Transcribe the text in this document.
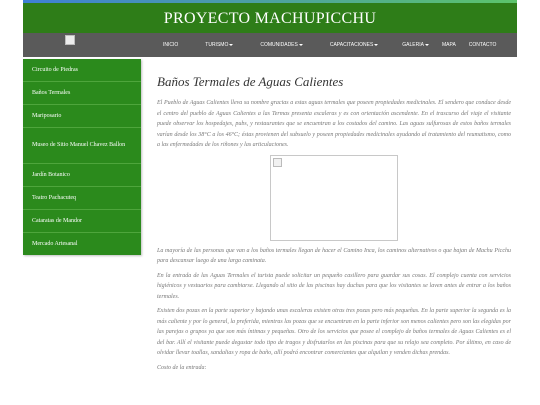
PROYECTO MACHUPICCHU
INICIO	TURISMO	COMUNIDADES	CAPACITACIONES	GALERIA	MAPA	CONTACTO
Circuito de Piedras
Baños Termales
Mariposario
Museo de Sitio Manuel Chavez Ballon
Jardín Botanico
Teatro Pachacuteq
Cataratas de Mandor
Mercado Artesanal
Baños Termales de Aguas Calientes

El Pueblo de Aguas Calientes lleva su nombre gracias a estas aguas termales que poseen propiedades medicinales. El sendero que conduce desde el centro del pueblo de Aguas Calientes a las Termas presenta escaleras y es con orientación ascendente. En el trascurso del viaje el visitante puede observar los hospedajes, pubs, y restaurantes que se encuentran a los costados del camino. Las aguas sulfurosas de estos baños termales varían desde los 38°C a los 46°C; éstas provienen del subsuelo y poseen propiedades medicinales ayudando al tratamiento del reumatismo, como a las enfermedades de los riñones y las articulaciones.

La mayoría de las personas que van a los baños termales llegan de hacer el Camino Inca, los caminos alternativos o que bajan de Machu Picchu para descansar luego de una larga caminata.

En la entrada de las Aguas Termales el turista puede solicitar un pequeño casillero para guardar sus cosas. El complejo cuenta con servicios higiénicos y vestuarios para cambiarse. Llegando al sitio de las piscinas hay duchas para que los visitantes se laven antes de entrar a los baños termales.

Existen dos pozas en la parte superior y bajando unas escaleras existen otras tres pozas pero más pequeñas. En la parte superior la segunda es la más caliente y por lo general, la preferida, mientras las pozas que se encuentran en la parte inferior son menos calientes pero son las elegidas por las parejas o grupos ya que son más íntimas y pequeñas. Otro de los servicios que posee el complejo de baños termales de Aguas Calientes es el del bar. Allí el visitante puede degustar todo tipo de tragos y disfrutarlos en las piscinas para que su relajo sea completo. Por último, en caso de olvidar llevar toallas, sandalias y ropa de baño, allí podrá encontrar comerciantes que alquilan y venden dichas prendas.

Costo de la entrada:
